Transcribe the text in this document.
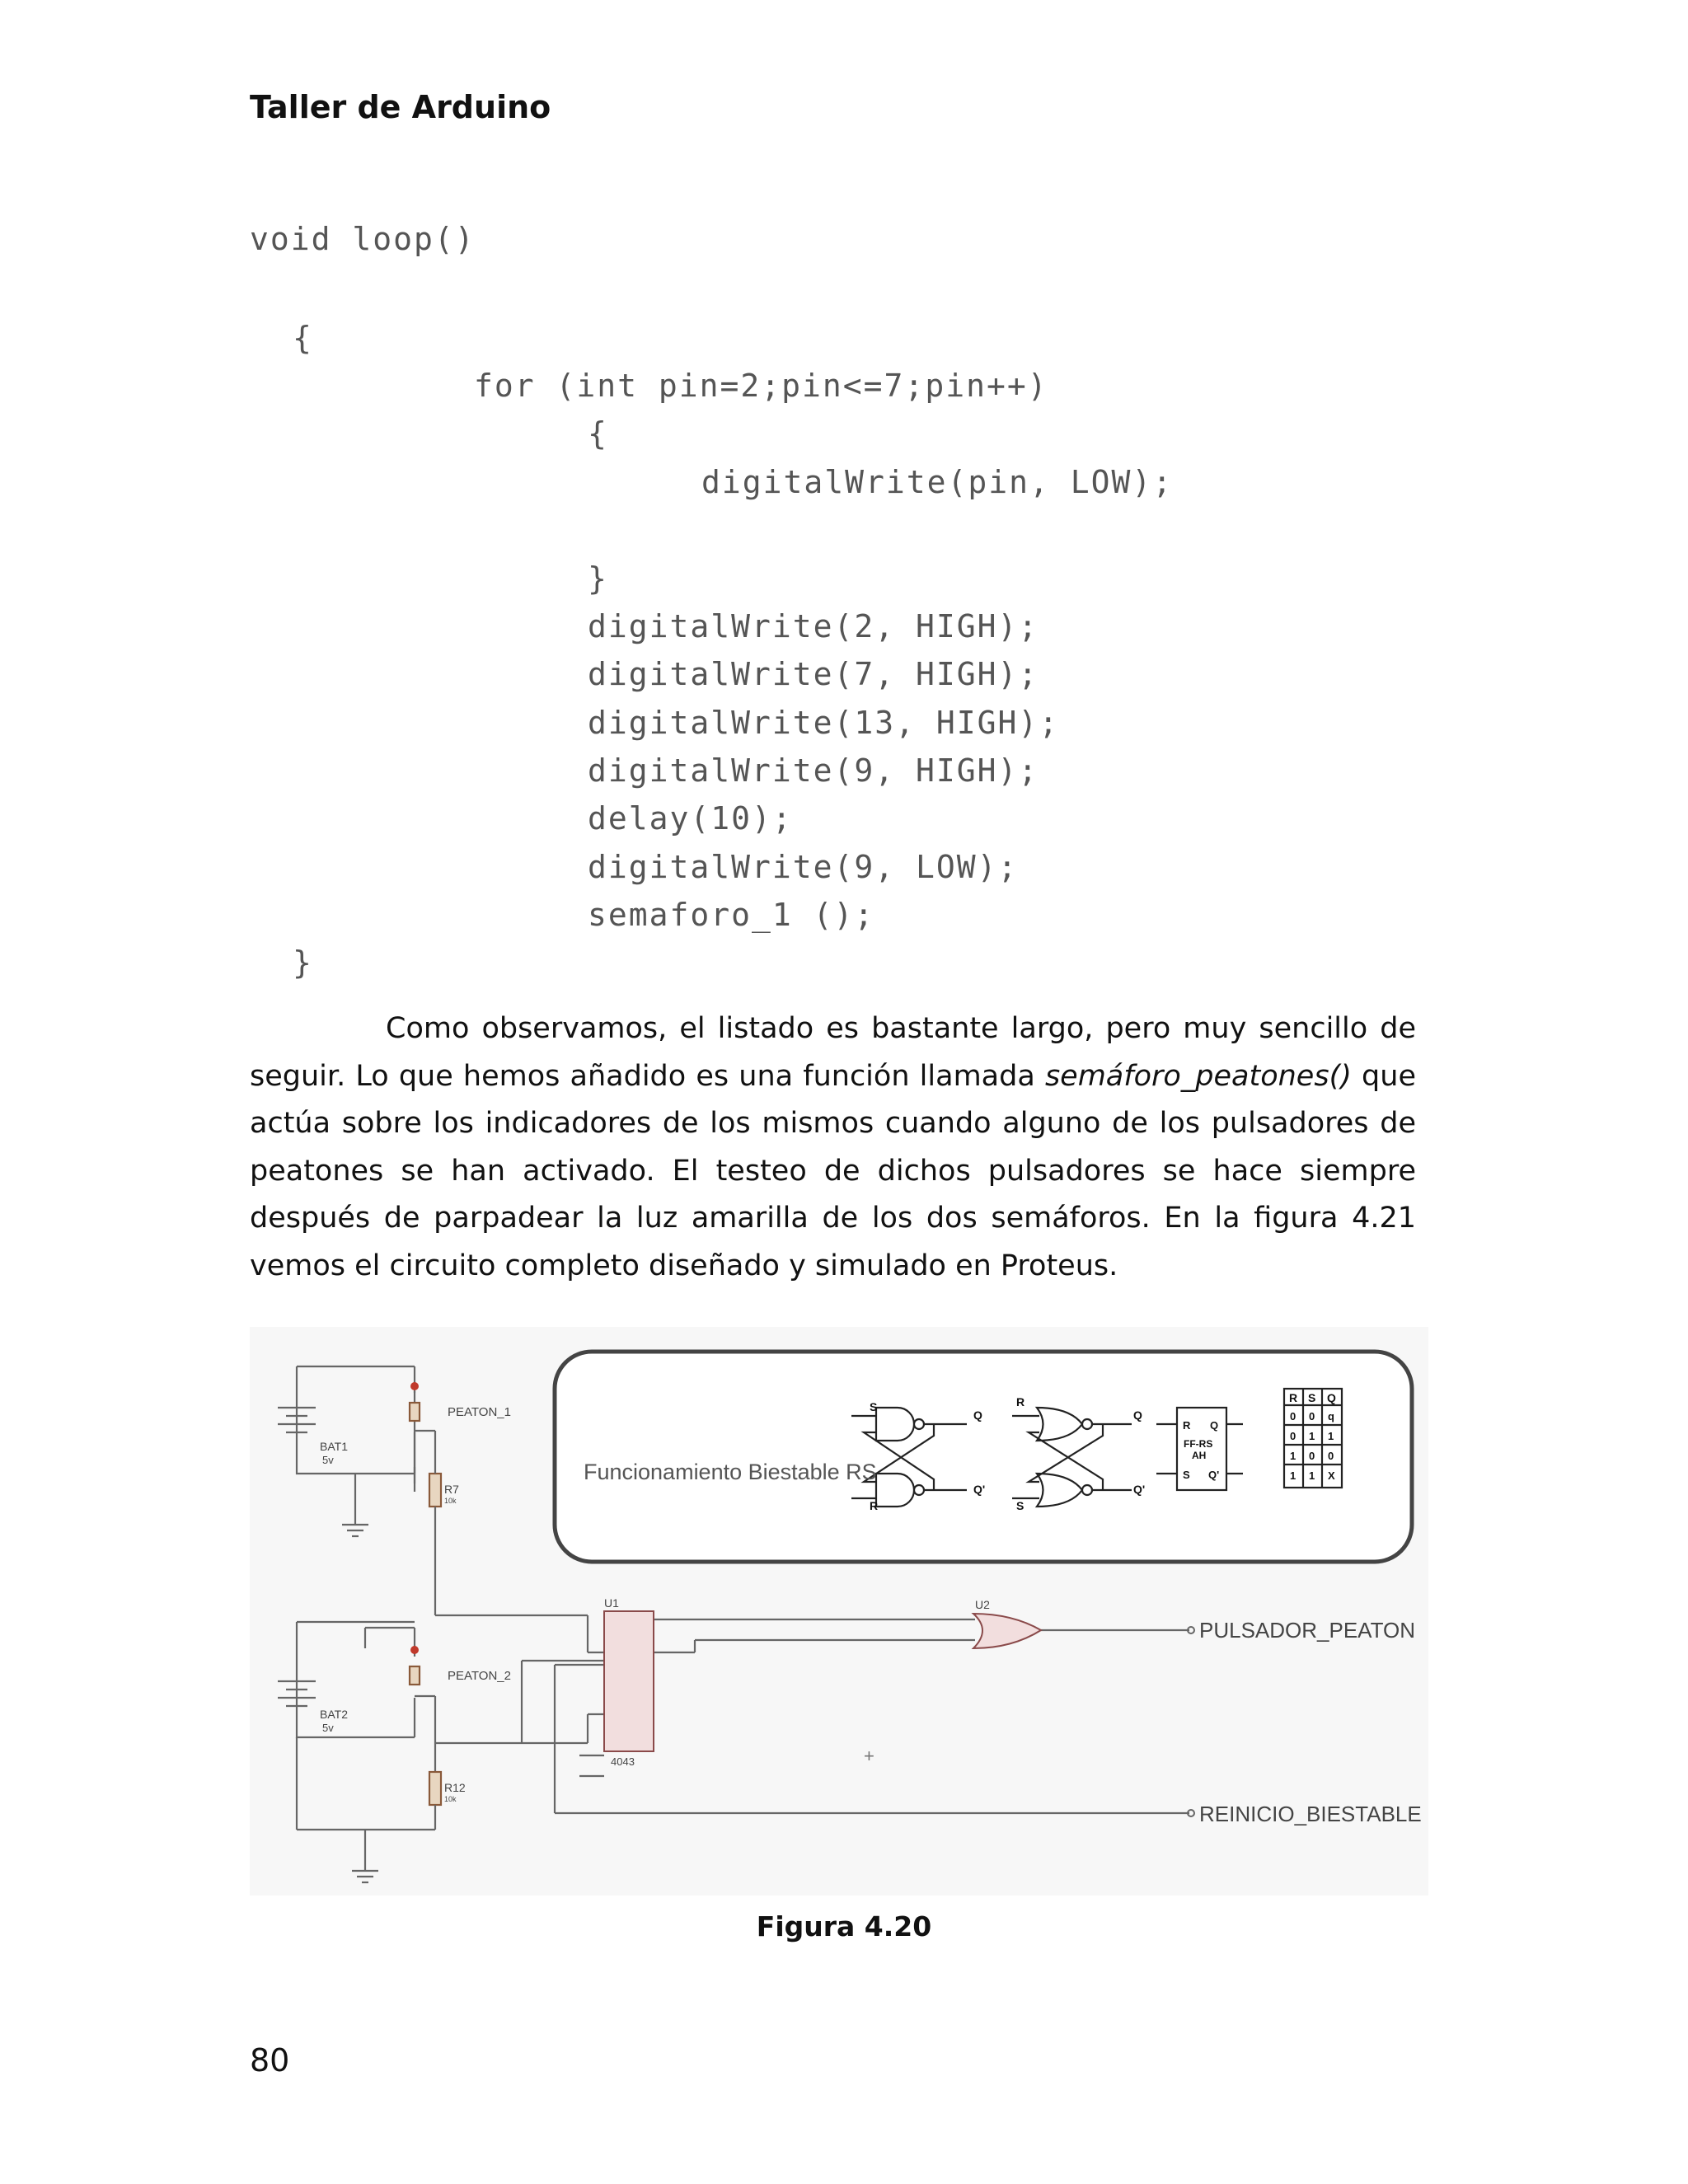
Taller de Arduino
void loop()
{
for (int pin=2;pin<=7;pin++)
{
digitalWrite(pin, LOW);
}
digitalWrite(2, HIGH);
digitalWrite(7, HIGH);
digitalWrite(13, HIGH);
digitalWrite(9, HIGH);
delay(10);
digitalWrite(9, LOW);
semaforo_1 ();
}

Como observamos, el listado es bastante largo, pero muy sencillo de seguir. Lo que hemos añadido es una función llamada semáforo_peatones() que actúa sobre los indicadores de los mismos cuando alguno de los pulsadores de peatones se han activado. El testeo de dichos pulsadores se hace siempre después de parpadear la luz amarilla de los dos semáforos. En la figura 4.21 vemos el circuito completo diseñado y simulado en Proteus.

+
Funcionamiento Biestable RS
S
R
Q
Q'
R
S
Q
Q'
R Q
FF-RS
AH
S Q'
R S Q
0 0 q
0 1 1
1 0 0
1 1 X
PEATON_1
PEATON_2
BAT1
5v
BAT2
5v
R7
10k
R12
10k
U1
4043
U2
PULSADOR_PEATON
REINICIO_BIESTABLE
Figura 4.20
80
